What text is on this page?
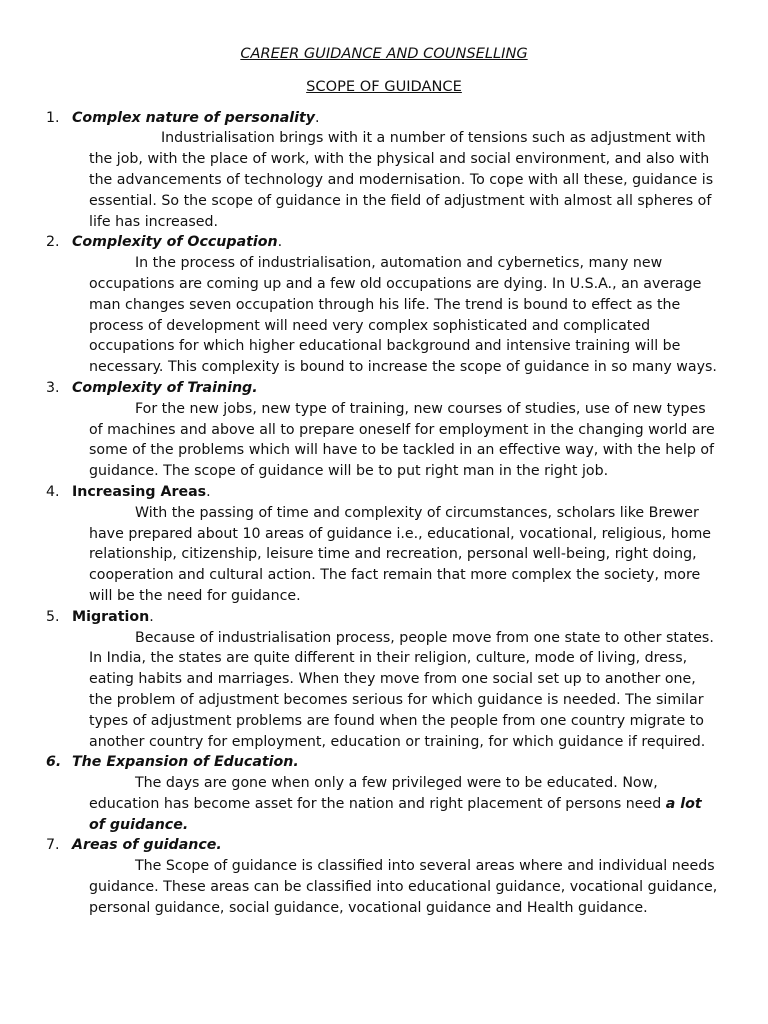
CAREER GUIDANCE AND COUNSELLING
SCOPE OF GUIDANCE
1. Complex nature of personality.
Industrialisation brings with it a number of tensions such as adjustment with the job, with the place of work, with the physical and social environment, and also with the advancements of technology and modernisation. To cope with all these, guidance is essential. So the scope of guidance in the field of adjustment with almost all spheres of life has increased.
2. Complexity of Occupation.
In the process of industrialisation, automation and cybernetics, many new occupations are coming up and a few old occupations are dying. In U.S.A., an average man changes seven occupation through his life. The trend is bound to effect as the process of development will need very complex sophisticated and complicated occupations for which higher educational background and intensive training will be necessary. This complexity is bound to increase the scope of guidance in so many ways.
3. Complexity of Training.
For the new jobs, new type of training, new courses of studies, use of new types of machines and above all to prepare oneself for employment in the changing world are some of the problems which will have to be tackled in an effective way, with the help of guidance. The scope of guidance will be to put right man in the right job.
4. Increasing Areas.
With the passing of time and complexity of circumstances, scholars like Brewer have prepared about 10 areas of guidance i.e., educational, vocational, religious, home relationship, citizenship, leisure time and recreation, personal well-being, right doing, cooperation and cultural action. The fact remain that more complex the society, more will be the need for guidance.
5. Migration.
Because of industrialisation process, people move from one state to other states. In India, the states are quite different in their religion, culture, mode of living, dress, eating habits and marriages. When they move from one social set up to another one, the problem of adjustment becomes serious for which guidance is needed. The similar types of adjustment problems are found when the people from one country migrate to another country for employment, education or training, for which guidance if required.
6. The Expansion of Education.
The days are gone when only a few privileged were to be educated. Now, education has become asset for the nation and right placement of persons need a lot of guidance.
7. Areas of guidance.
The Scope of guidance is classified into several areas where and individual needs guidance. These areas can be classified into educational guidance, vocational guidance, personal guidance, social guidance, vocational guidance and Health guidance.
